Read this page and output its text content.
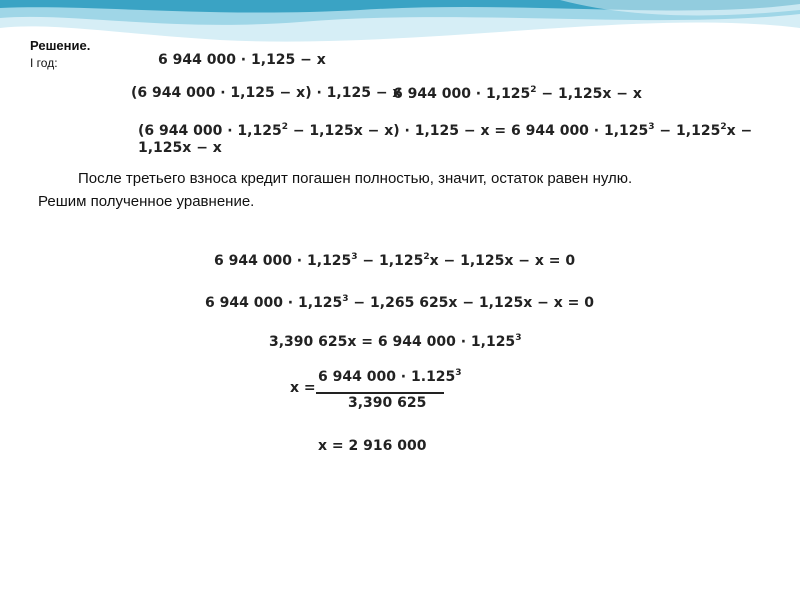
Решение.
I год:	6 944 000 · 1,125 − x
(6 944 000 · 1,125 − x) · 1,125 − x
6 944 $000 \cdot 1,125^2 - 1,125x - x$
(6 944 $000 \cdot 1,125^2 - 1,125x - x) \cdot 1,125 - x = 6$ 944 $000 \cdot 1,125^3 - 1,125^2x$ −
1,125x − x
После третьего взноса кредит погашен полностью, значит, остаток равен нулю.
Решим полученное уравнение.
6 944 $000 \cdot 1,125^3 - 1,125^2x - 1,125x - x = 0$
6 944 $000 \cdot 1,125^3 - 1,265$ 625x − 1,125x − x = 0
3,390 625x = 6 944 $000 \cdot 1,125^3$
x =
6 944 $000 \cdot 1.125^3$
3,390 625
x = 2 916 000
